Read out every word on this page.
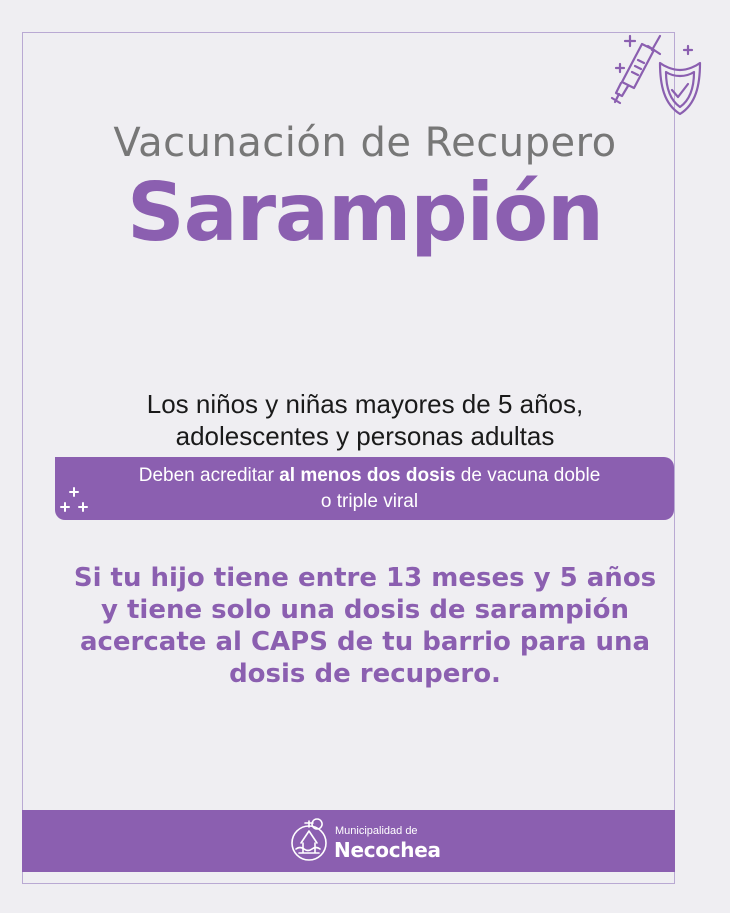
Vacunación de Recupero
Sarampión
Los niños y niñas mayores de 5 años,
adolescentes y personas adultas
Deben acreditar al menos dos dosis de vacuna doble
o triple viral
Si tu hijo tiene entre 13 meses y 5 años
y tiene solo una dosis de sarampión
acercate al CAPS de tu barrio para una
dosis de recupero.
Municipalidad de
Necochea
